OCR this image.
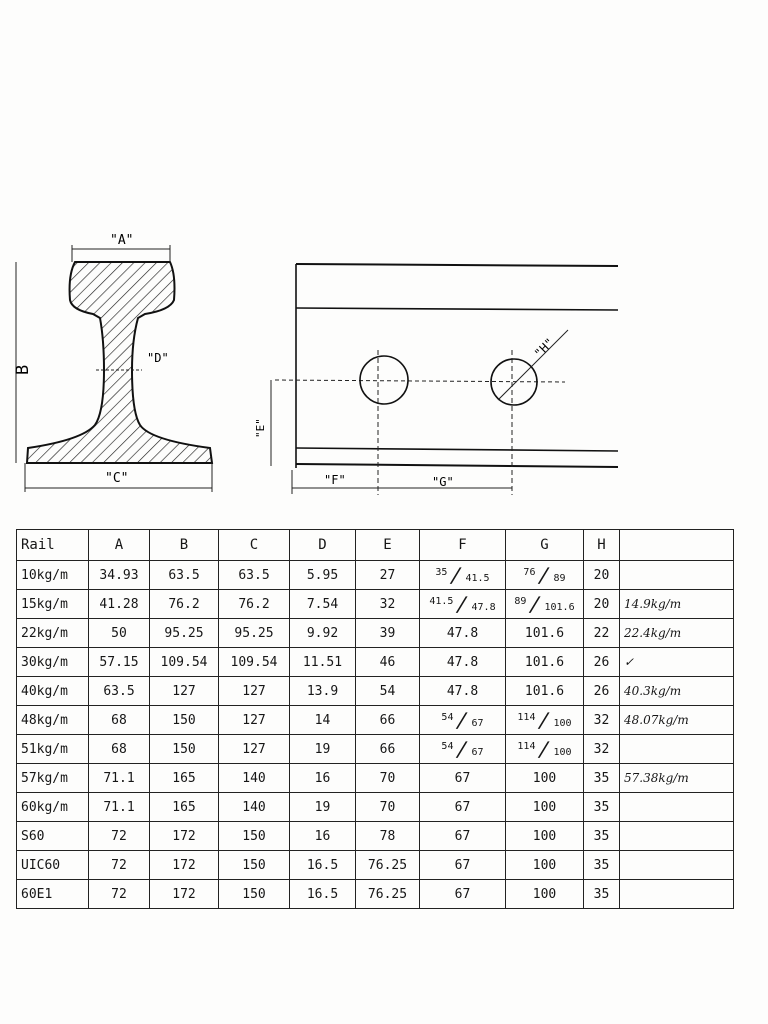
"A"
B
"D"
"C"
"H"
"E"
"F"	"G"
Rail	A	B	C	D	E	F	G	H	
10kg/m	34.93	63.5	63.5	5.95	27	35 / 41.5	76 / 89	20	
15kg/m	41.28	76.2	76.2	7.54	32	41.5 / 47.8	89 / 101.6	20	14.9kg/m
22kg/m	50	95.25	95.25	9.92	39	47.8	101.6	22	22.4kg/m
30kg/m	57.15	109.54	109.54	11.51	46	47.8	101.6	26	✓
40kg/m	63.5	127	127	13.9	54	47.8	101.6	26	40.3kg/m
48kg/m	68	150	127	14	66	54 / 67	114 / 100	32	48.07kg/m
51kg/m	68	150	127	19	66	54 / 67	114 / 100	32	
57kg/m	71.1	165	140	16	70	67	100	35	57.38kg/m
60kg/m	71.1	165	140	19	70	67	100	35	
S60	72	172	150	16	78	67	100	35	
UIC60	72	172	150	16.5	76.25	67	100	35	
60E1	72	172	150	16.5	76.25	67	100	35	
